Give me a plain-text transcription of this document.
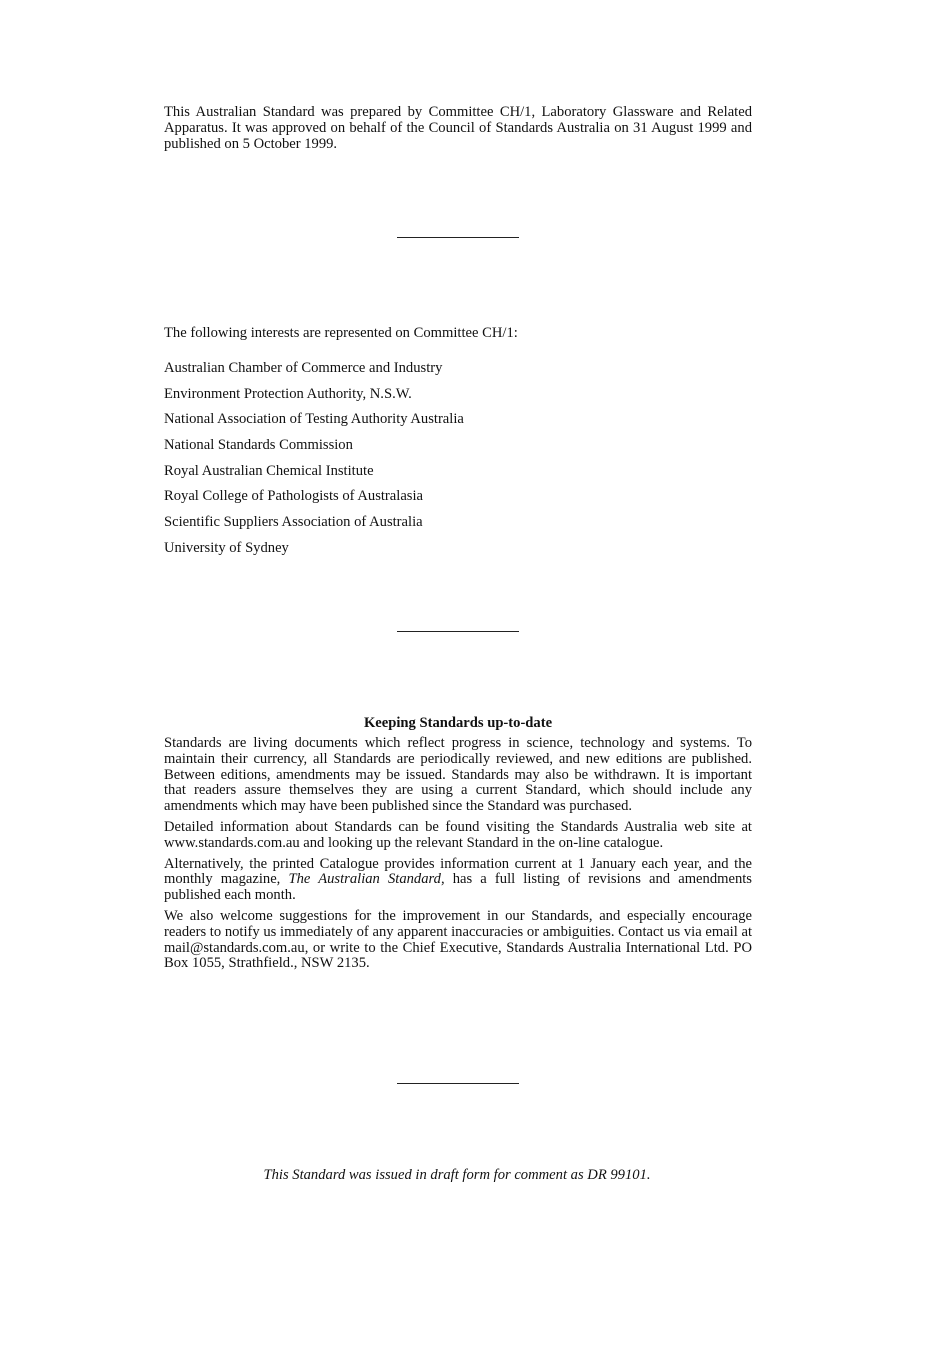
This Australian Standard was prepared by Committee CH/1, Laboratory Glassware and Related Apparatus. It was approved on behalf of the Council of Standards Australia on 31 August 1999 and published on 5 October 1999.

The following interests are represented on Committee CH/1:

Australian Chamber of Commerce and Industry
Environment Protection Authority, N.S.W.
National Association of Testing Authority Australia
National Standards Commission
Royal Australian Chemical Institute
Royal College of Pathologists of Australasia
Scientific Suppliers Association of Australia
University of Sydney
Keeping Standards up-to-date

Standards are living documents which reflect progress in science, technology and systems. To maintain their currency, all Standards are periodically reviewed, and new editions are published. Between editions, amendments may be issued. Standards may also be withdrawn. It is important that readers assure themselves they are using a current Standard, which should include any amendments which may have been published since the Standard was purchased.

Detailed information about Standards can be found visiting the Standards Australia web site at www.standards.com.au and looking up the relevant Standard in the on-line catalogue.

Alternatively, the printed Catalogue provides information current at 1 January each year, and the monthly magazine, The Australian Standard, has a full listing of revisions and amendments published each month.

We also welcome suggestions for the improvement in our Standards, and especially encourage readers to notify us immediately of any apparent inaccuracies or ambiguities. Contact us via email at mail@standards.com.au, or write to the Chief Executive, Standards Australia International Ltd. PO Box 1055, Strathfield., NSW 2135.

This Standard was issued in draft form for comment as DR 99101.
